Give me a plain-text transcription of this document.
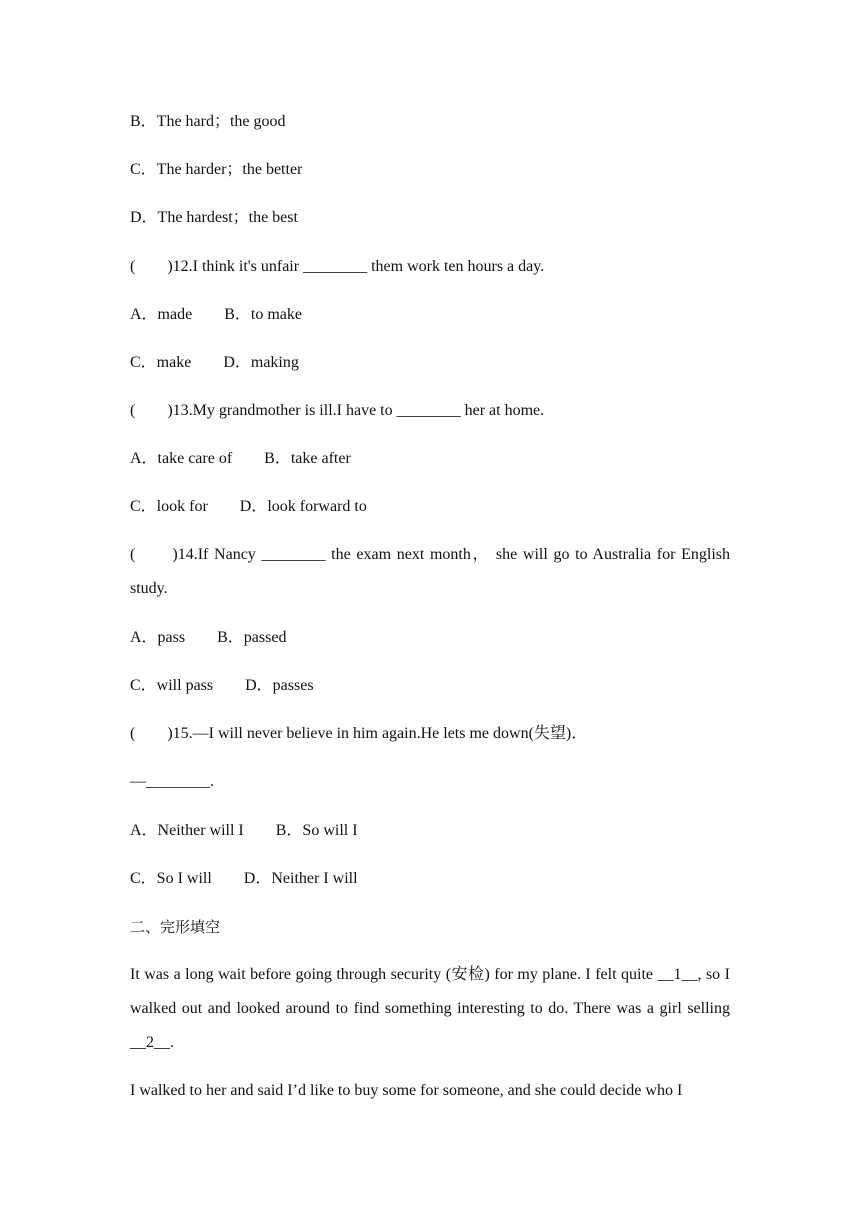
B．The hard；the good
C．The harder；the better
D．The hardest；the best
(　　)12.I think it's unfair ________ them work ten hours a day.
A．made        B．to make
C．make        D．making
(　　)13.My grandmother is ill.I have to ________ her at home.
A．take care of        B．take after
C．look for        D．look forward to
(　　)14.If Nancy ________ the exam next month， she will go to Australia for English study.
A．pass        B．passed
C．will pass        D．passes
(　　)15.—I will never believe in him again.He lets me down(失望)．
—________.
A．Neither will I        B．So will I
C．So I will        D．Neither I will
二、完形填空
It was a long wait before going through security (安检) for my plane. I felt quite __1__, so I walked out and looked around to find something interesting to do. There was a girl selling __2__.
I walked to her and said I’d like to buy some for someone, and she could decide who I
